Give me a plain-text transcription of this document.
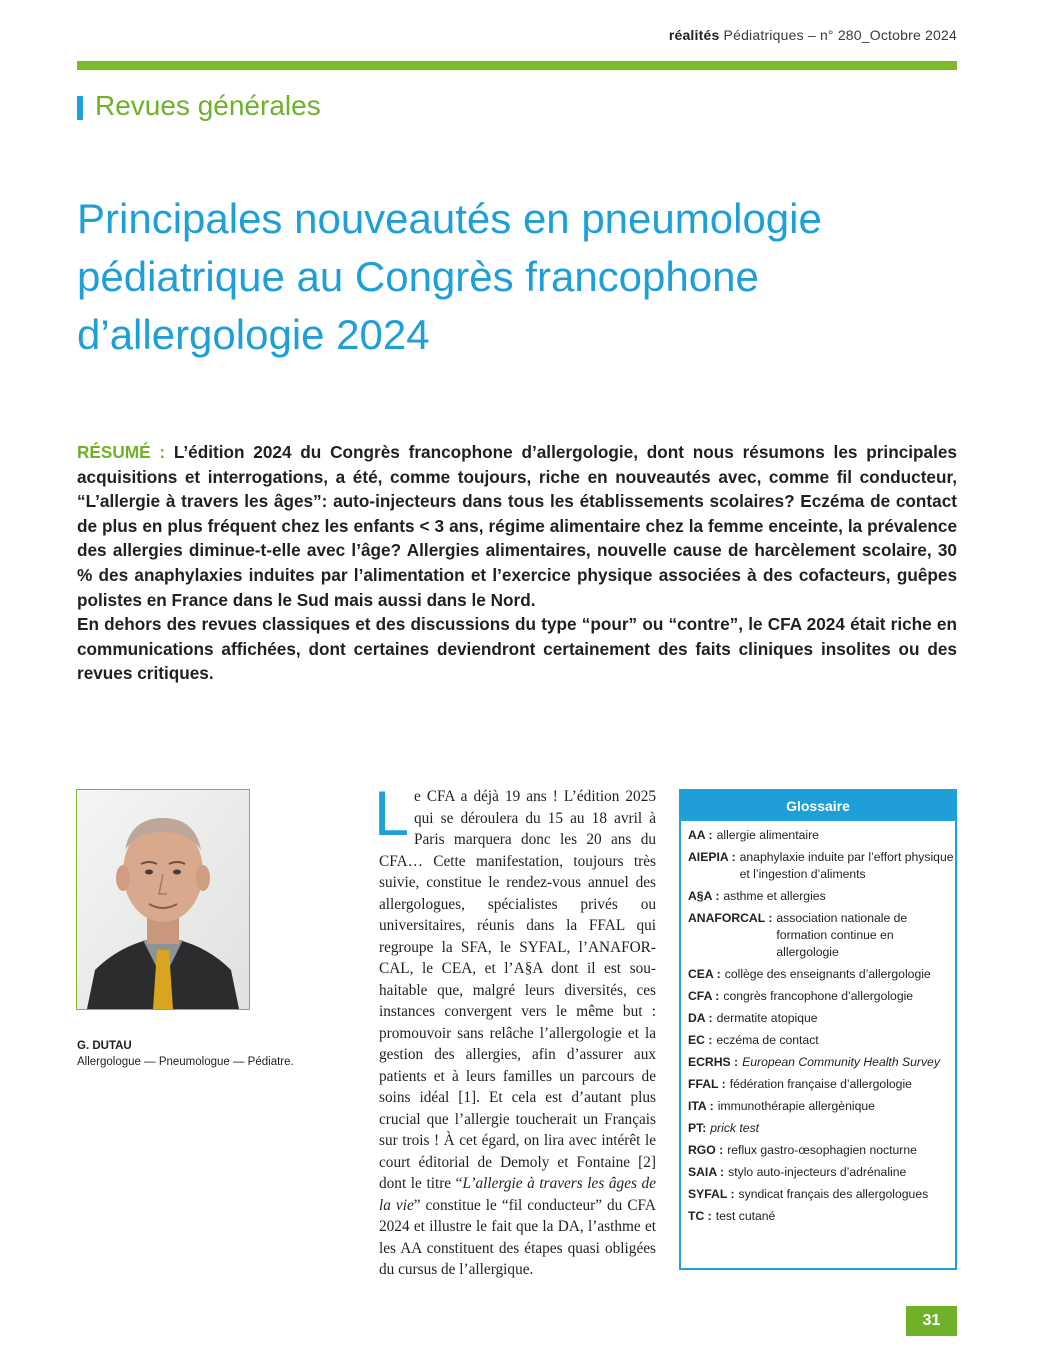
réalités Pédiatriques – n° 280_Octobre 2024
Revues générales
Principales nouveautés en pneumologie
pédiatrique au Congrès francophone
d’allergologie 2024

RÉSUMÉ : L’édition 2024 du Congrès francophone d’allergologie, dont nous résumons les principales acquisitions et interrogations, a été, comme toujours, riche en nouveautés avec, comme fil conducteur, “L’allergie à travers les âges”: auto-injecteurs dans tous les établissements scolaires? Eczéma de contact de plus en plus fréquent chez les enfants < 3 ans, régime alimentaire chez la femme enceinte, la prévalence des allergies diminue-t-elle avec l’âge? Allergies alimentaires, nouvelle cause de harcèlement scolaire, 30 % des anaphylaxies induites par l’alimentation et l’exercice physique associées à des cofacteurs, guêpes polistes en France dans le Sud mais aussi dans le Nord.

En dehors des revues classiques et des discussions du type “pour” ou “contre”, le CFA 2024 était riche en communications affichées, dont certaines deviendront certainement des faits cliniques insolites ou des revues critiques.

G. DUTAU
Allergologue — Pneumologue — Pédiatre.
L e CFA a déjà 19 ans ! L’édition 2025 qui se déroulera du 15 au 18 avril à Paris marquera donc les 20 ans du CFA… Cette manifestation, toujours très suivie, constitue le rendez-vous annuel des allergologues, spécialistes privés ou universitaires, réunis dans la FFAL qui regroupe la SFA, le SYFAL, l’ANAFORCAL, le CEA, et l’A§A dont il est souhaitable que, malgré leurs diversités, ces instances convergent vers le même but : promouvoir sans relâche l’allergologie et la gestion des allergies, afin d’assurer aux patients et à leurs familles un parcours de soins idéal [1]. Et cela est d’autant plus crucial que l’allergie toucherait un Français sur trois ! À cet égard, on lira avec intérêt le court éditorial de Demoly et Fontaine [2] dont le titre “L’allergie à travers les âges de la vie” constitue le “fil conducteur” du CFA 2024 et illustre le fait que la DA, l’asthme et les AA constituent des étapes quasi obligées du cursus de l’allergique.
Glossaire
AA : allergie alimentaire
AIEPIA : anaphylaxie induite par l’effort physique et l’ingestion d’aliments
A§A : asthme et allergies
ANAFORCAL : association nationale de formation continue en allergologie
CEA : collège des enseignants d’allergologie
CFA : congrès francophone d’allergologie
DA : dermatite atopique
EC : eczéma de contact
ECRHS : European Community Health Survey
FFAL : fédération française d’allergologie
ITA : immunothérapie allergènique
PT: prick test
RGO : reflux gastro-œsophagien nocturne
SAIA : stylo auto-injecteurs d’adrénaline
SYFAL : syndicat français des allergologues
TC : test cutané
31
